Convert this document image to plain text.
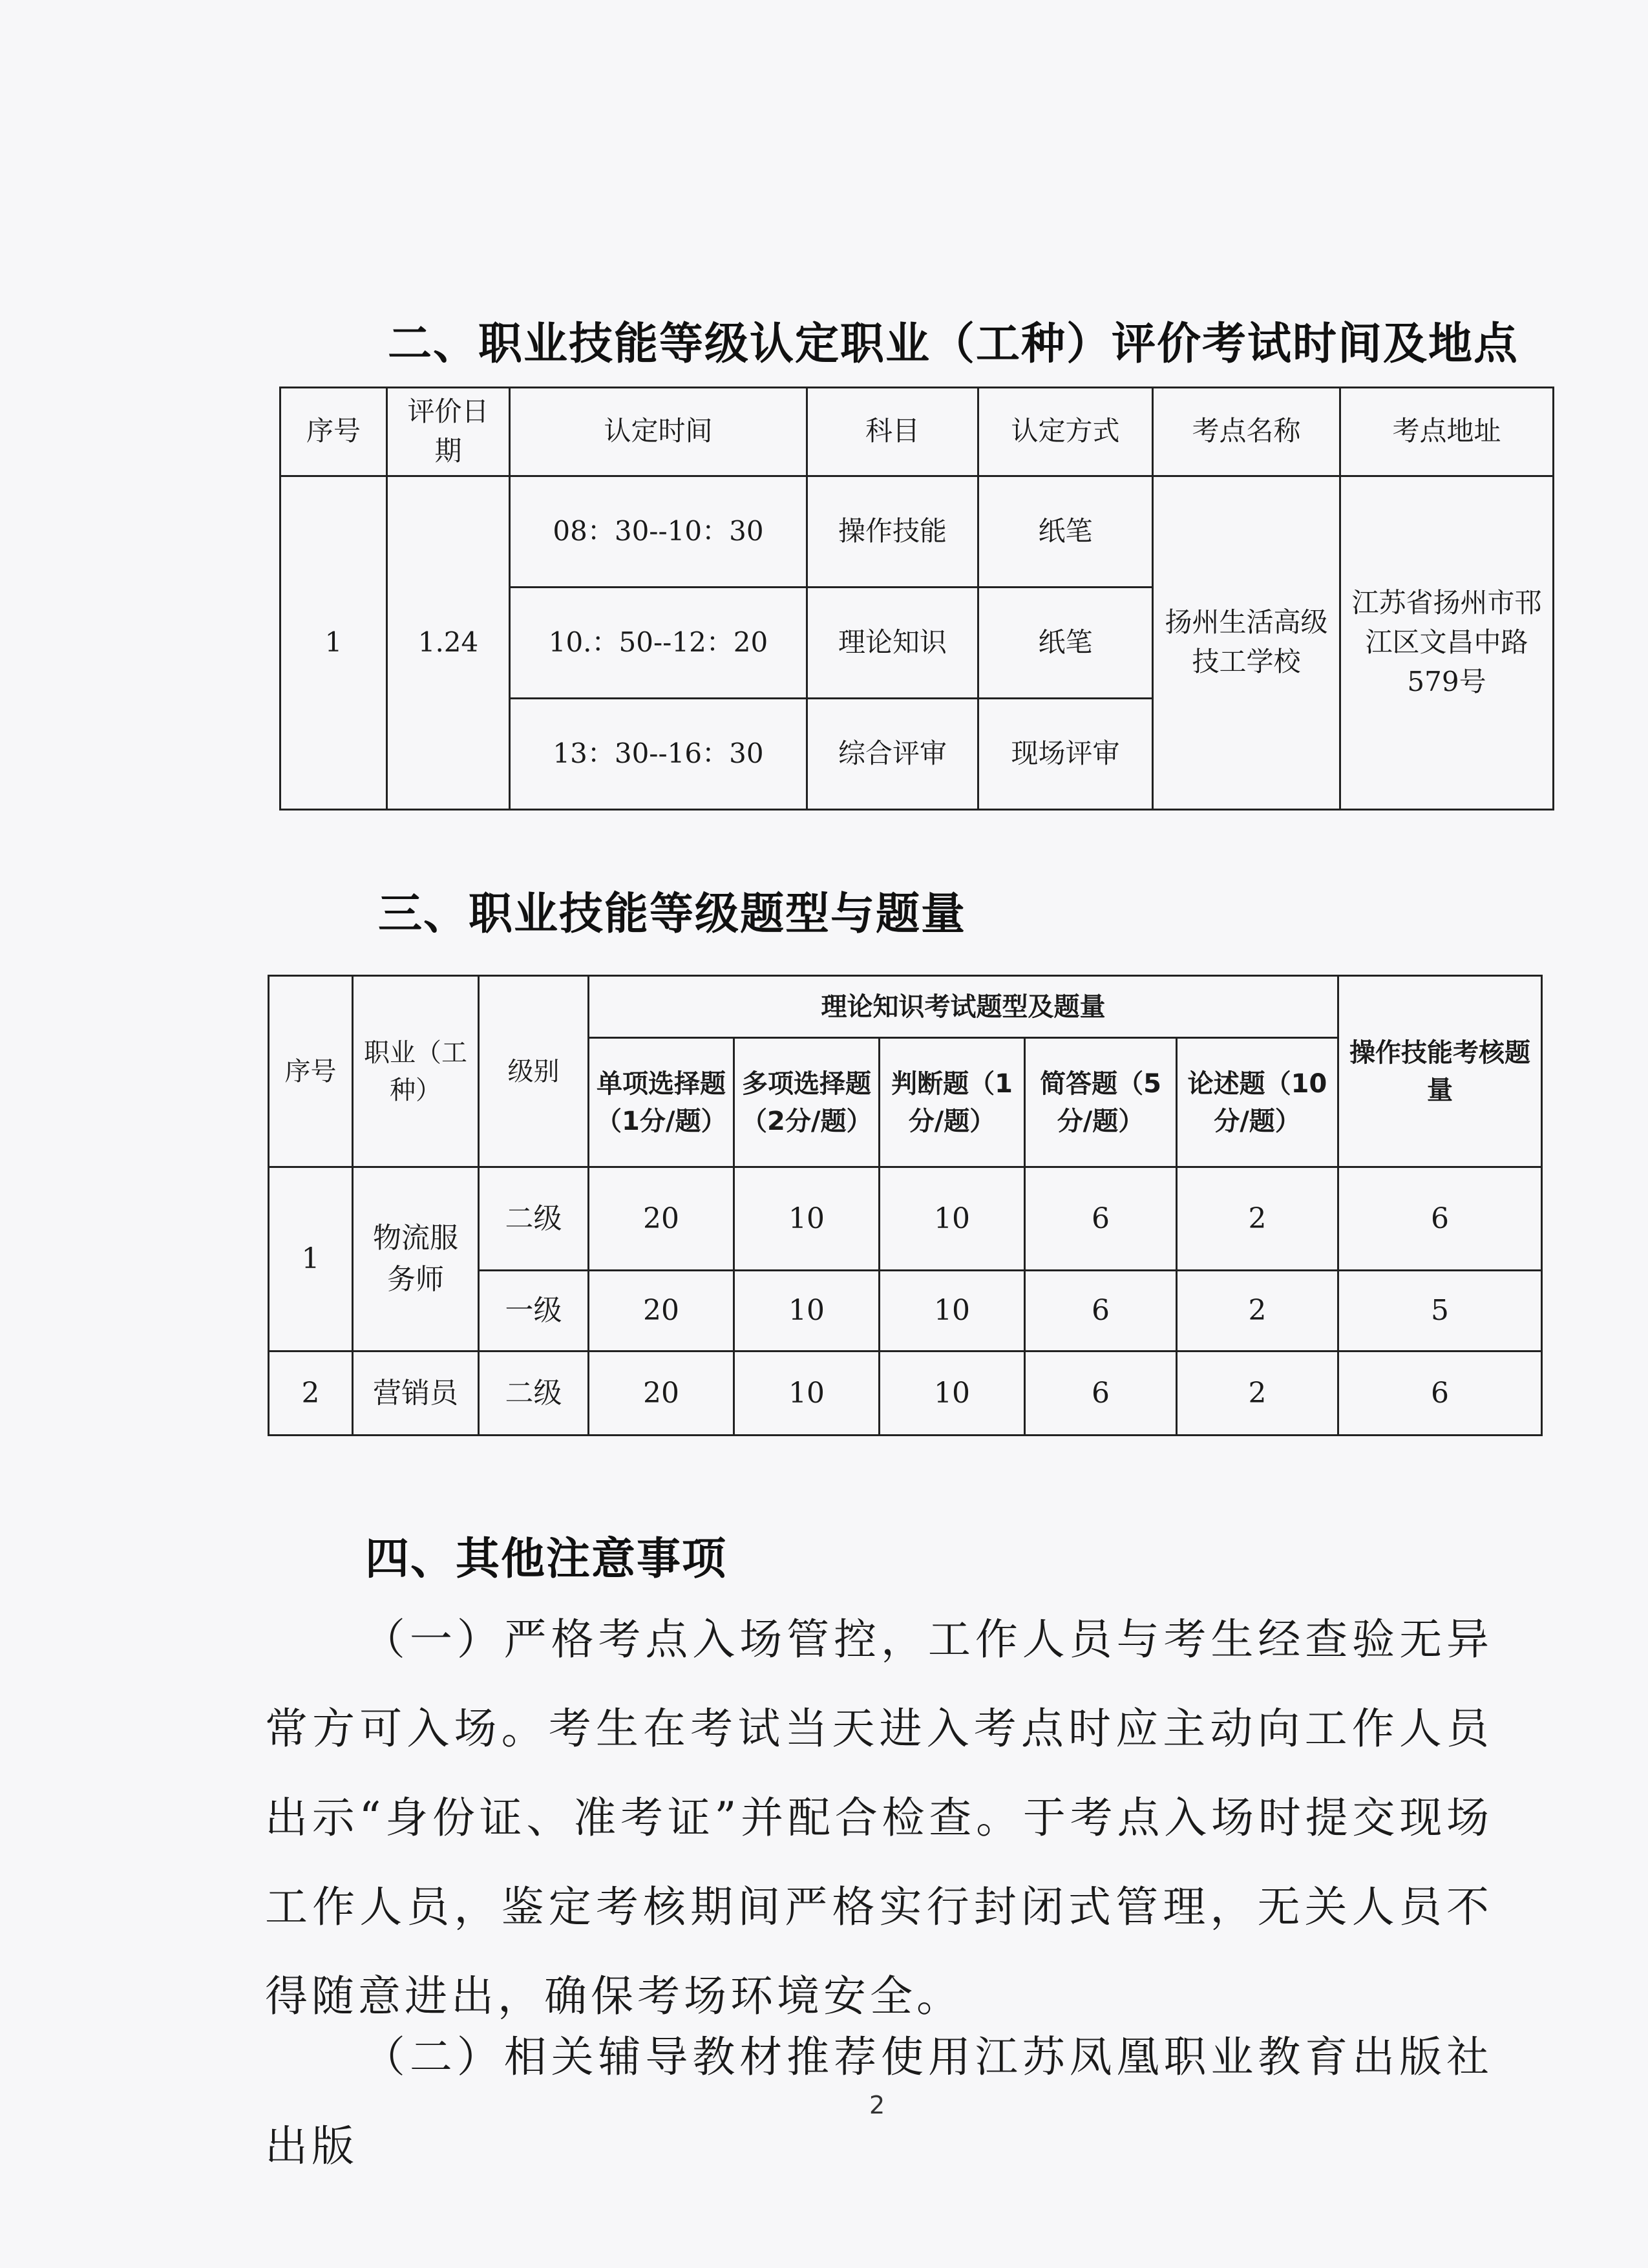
二、职业技能等级认定职业（工种）评价考试时间及地点
序号	评价日期	认定时间	科目	认定方式	考点名称	考点地址
1	1.24	08：30--10：30	操作技能	纸笔	扬州生活高级技工学校	江苏省扬州市邗江区文昌中路579号
		10.：50--12：20	理论知识	纸笔		
		13：30--16：30	综合评审	现场评审		
三、职业技能等级题型与题量
序号	职业（工种）	级别	理论知识考试题型及题量					操作技能考核题量
			单项选择题（1分/题）	多项选择题（2分/题）	判断题（1分/题）	简答题（5分/题）	论述题（10分/题）	
1	物流服务师	二级	20	10	10	6	2	6
		一级	20	10	10	6	2	5
2	营销员	二级	20	10	10	6	2	6
四、其他注意事项

（一）严格考点入场管控，工作人员与考生经查验无异常方可入场。考生在考试当天进入考点时应主动向工作人员出示“身份证、准考证”并配合检查。于考点入场时提交现场工作人员，鉴定考核期间严格实行封闭式管理，无关人员不得随意进出，确保考场环境安全。

（二）相关辅导教材推荐使用江苏凤凰职业教育出版社出版

2
